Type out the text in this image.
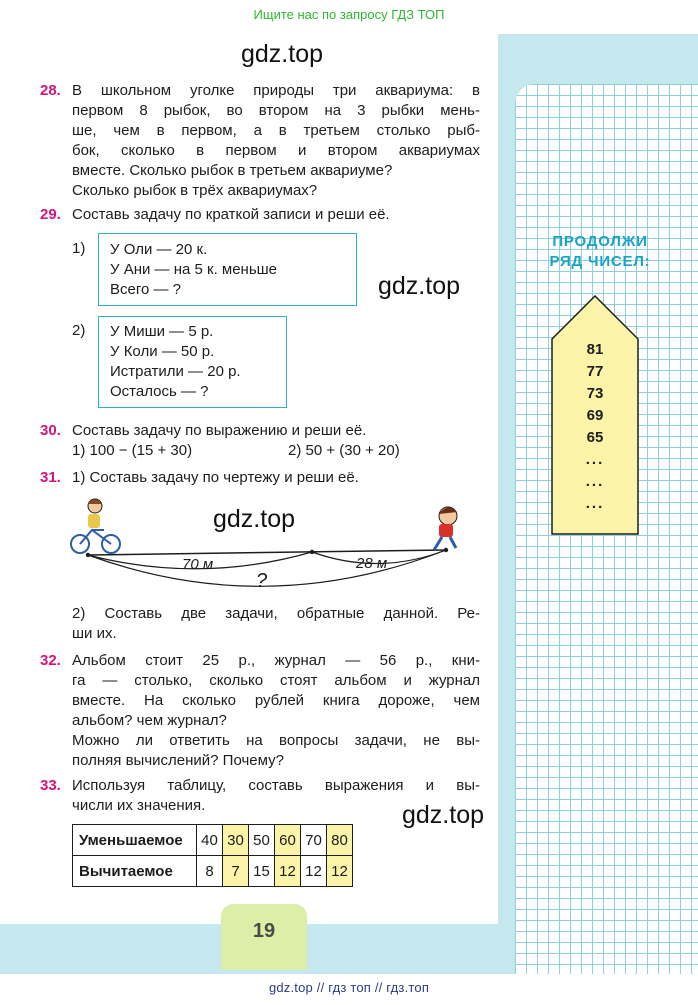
Ищите нас по запросу ГДЗ ТОП
19
ПРОДОЛЖИ
РЯД ЧИСЕЛ:
81
77
73
69
65
...
...
...
gdz.top
gdz.top
gdz.top
gdz.top
28. В школьном уголке природы три аквариума: в
первом 8 рыбок, во втором на 3 рыбки мень-
ше, чем в первом, а в третьем столько рыб-
бок, сколько в первом и втором аквариумах
вместе. Сколько рыбок в третьем аквариуме?
Сколько рыбок в трёх аквариумах?
29. Составь задачу по краткой записи и реши её.
1) У Оли — 20 к.
У Ани — на 5 к. меньше
Всего — ?
2) У Миши — 5 р.
У Коли — 50 р.
Истратили — 20 р.
Осталось — ?
30. Составь задачу по выражению и реши её.
1) 100 − (15 + 30)	2) 50 + (30 + 20)
31. 1) Составь задачу по чертежу и реши её.
70 м	28 м
?
2) Составь две задачи, обратные данной. Ре-
ши их.
32. Альбом стоит 25 р., журнал — 56 р., кни-
га — столько, сколько стоят альбом и журнал
вместе. На сколько рублей книга дороже, чем
альбом? чем журнал?
Можно ли ответить на вопросы задачи, не вы-
полняя вычислений? Почему?
33. Используя таблицу, составь выражения и вы-
числи их значения.
Уменьшаемое	40	30	50	60	70	80
Вычитаемое	8	7	15	12	12	12
gdz.top // гдз топ // гдз.топ
